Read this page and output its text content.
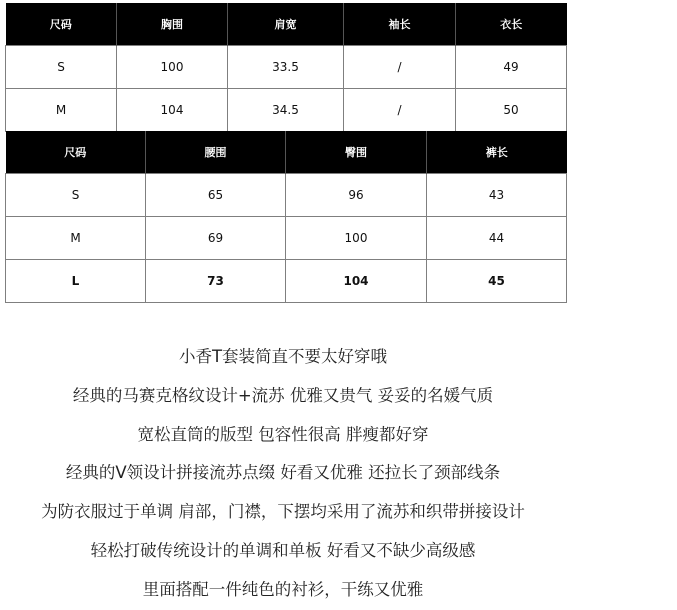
尺码	胸围	肩宽	袖长	衣长
S	100	33.5	/	49
M	104	34.5	/	50
尺码	腰围	臀围	裤长
S	65	96	43
M	69	100	44
L	73	104	45

小香T套装简直不要太好穿哦

经典的马赛克格纹设计+流苏 优雅又贵气 妥妥的名媛气质

宽松直筒的版型 包容性很高 胖瘦都好穿

经典的V领设计拼接流苏点缀 好看又优雅 还拉长了颈部线条

为防衣服过于单调 肩部，门襟，下摆均采用了流苏和织带拼接设计

轻松打破传统设计的单调和单板 好看又不缺少高级感

里面搭配一件纯色的衬衫，干练又优雅
